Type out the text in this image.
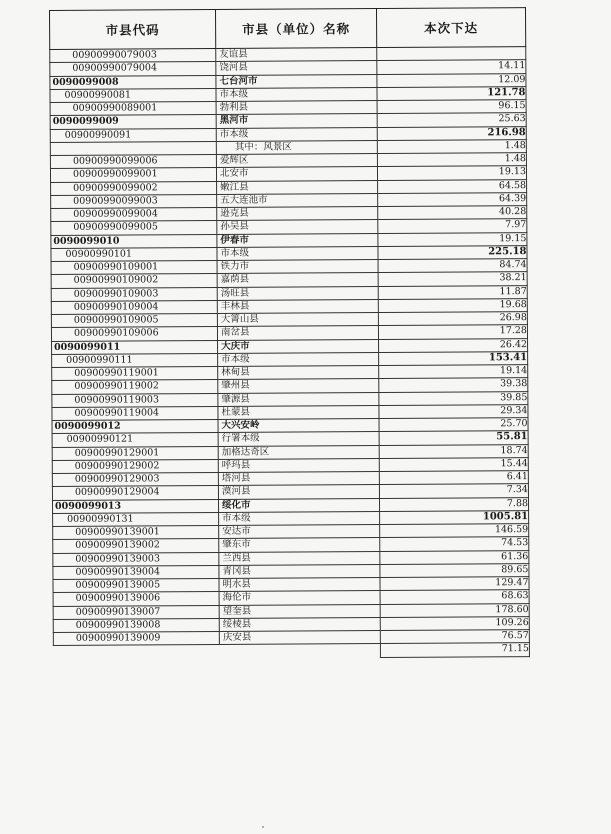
市县代码	市县（单位）名称	本次下达
00900990079003	友谊县	
00900990079004	饶河县	14.11
0090099008	七台河市	12.09
00900990081	市本级	121.78
00900990089001	勃利县	96.15
0090099009	黑河市	25.63
00900990091	市本级	216.98
	其中：风景区	1.48
00900990099006	爱辉区	1.48
00900990099001	北安市	19.13
00900990099002	嫩江县	64.58
00900990099003	五大连池市	64.39
00900990099004	逊克县	40.28
00900990099005	孙吴县	7.97
0090099010	伊春市	19.15
00900990101	市本级	225.18
00900990109001	铁力市	84.74
00900990109002	嘉荫县	38.21
00900990109003	汤旺县	11.87
00900990109004	丰林县	19.68
00900990109005	大箐山县	26.98
00900990109006	南岔县	17.28
0090099011	大庆市	26.42
00900990111	市本级	153.41
00900990119001	林甸县	19.14
00900990119002	肇州县	39.38
00900990119003	肇源县	39.85
00900990119004	杜蒙县	29.34
0090099012	大兴安岭	25.70
00900990121	行署本级	55.81
00900990129001	加格达奇区	18.74
00900990129002	呼玛县	15.44
00900990129003	塔河县	6.41
00900990129004	漠河县	7.34
0090099013	绥化市	7.88
00900990131	市本级	1005.81
00900990139001	安达市	146.59
00900990139002	肇东市	74.53
00900990139003	兰西县	61.36
00900990139004	青冈县	89.65
00900990139005	明水县	129.47
00900990139006	海伦市	68.63
00900990139007	望奎县	178.60
00900990139008	绥棱县	109.26
00900990139009	庆安县	76.57
		71.15
